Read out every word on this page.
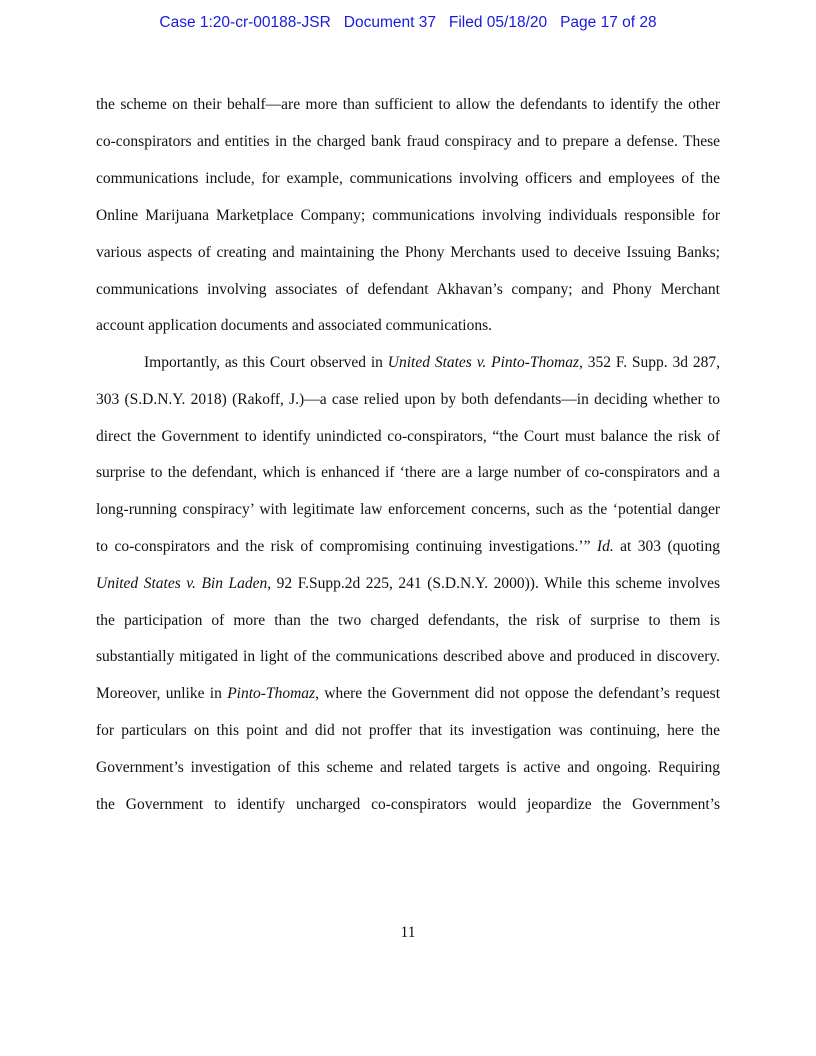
Case 1:20-cr-00188-JSR Document 37 Filed 05/18/20 Page 17 of 28
the scheme on their behalf—are more than sufficient to allow the defendants to identify the other
co-conspirators and entities in the charged bank fraud conspiracy and to prepare a defense. These
communications include, for example, communications involving officers and employees of the
Online Marijuana Marketplace Company; communications involving individuals responsible for
various aspects of creating and maintaining the Phony Merchants used to deceive Issuing Banks;
communications involving associates of defendant Akhavan’s company; and Phony Merchant
account application documents and associated communications.
Importantly, as this Court observed in United States v. Pinto-Thomaz, 352 F. Supp. 3d 287,
303 (S.D.N.Y. 2018) (Rakoff, J.)—a case relied upon by both defendants—in deciding whether to
direct the Government to identify unindicted co-conspirators, “the Court must balance the risk of
surprise to the defendant, which is enhanced if ‘there are a large number of co-conspirators and a
long-running conspiracy’ with legitimate law enforcement concerns, such as the ‘potential danger
to co-conspirators and the risk of compromising continuing investigations.’” Id. at 303 (quoting
United States v. Bin Laden, 92 F.Supp.2d 225, 241 (S.D.N.Y. 2000)). While this scheme involves
the participation of more than the two charged defendants, the risk of surprise to them is
substantially mitigated in light of the communications described above and produced in discovery.
Moreover, unlike in Pinto-Thomaz, where the Government did not oppose the defendant’s request
for particulars on this point and did not proffer that its investigation was continuing, here the
Government’s investigation of this scheme and related targets is active and ongoing. Requiring
the Government to identify uncharged co-conspirators would jeopardize the Government’s
11
